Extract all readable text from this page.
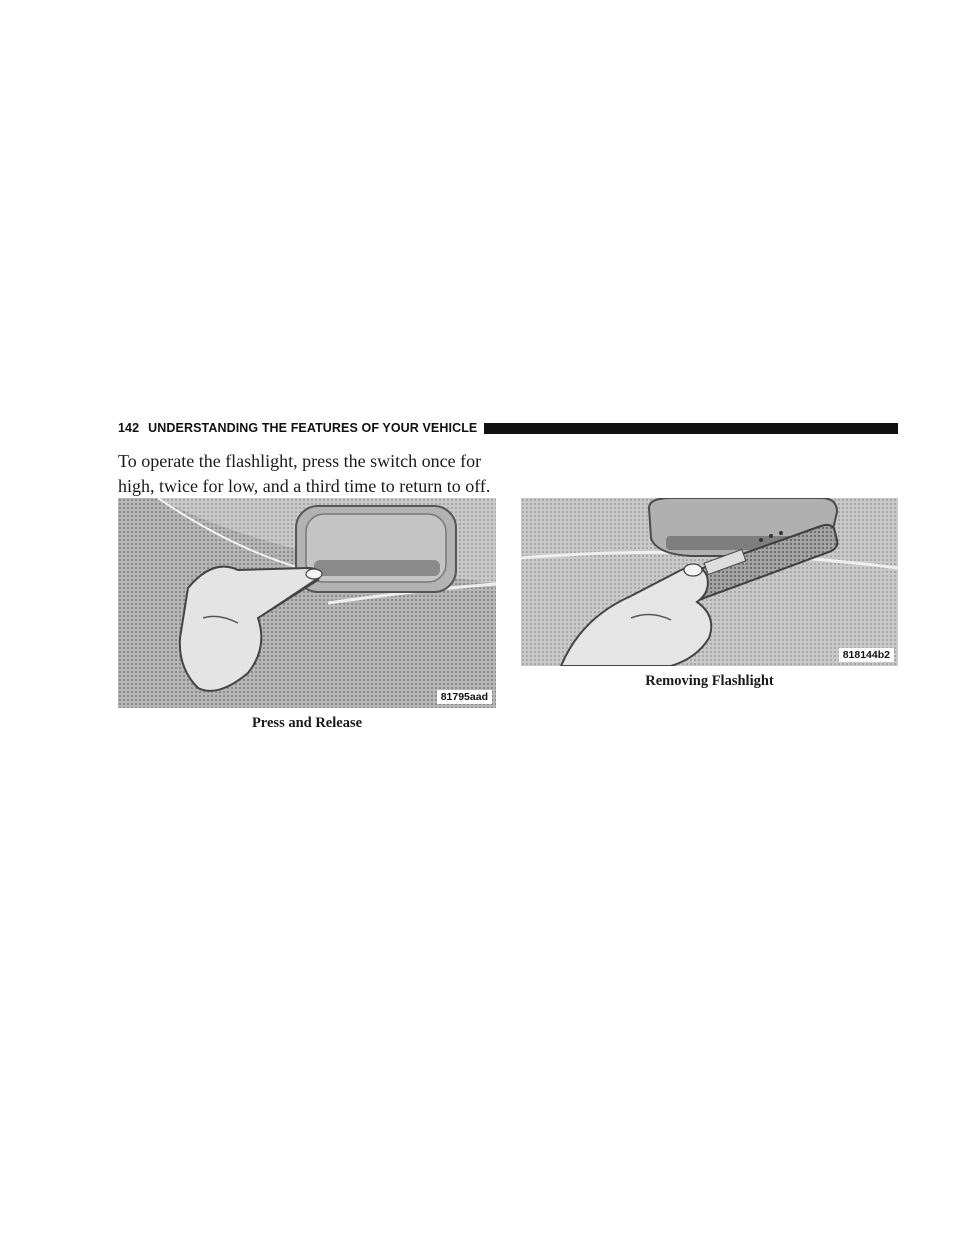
142 UNDERSTANDING THE FEATURES OF YOUR VEHICLE

To operate the flashlight, press the switch once for high, twice for low, and a third time to return to off.

81795aad
Press and Release
818144b2
Removing Flashlight
